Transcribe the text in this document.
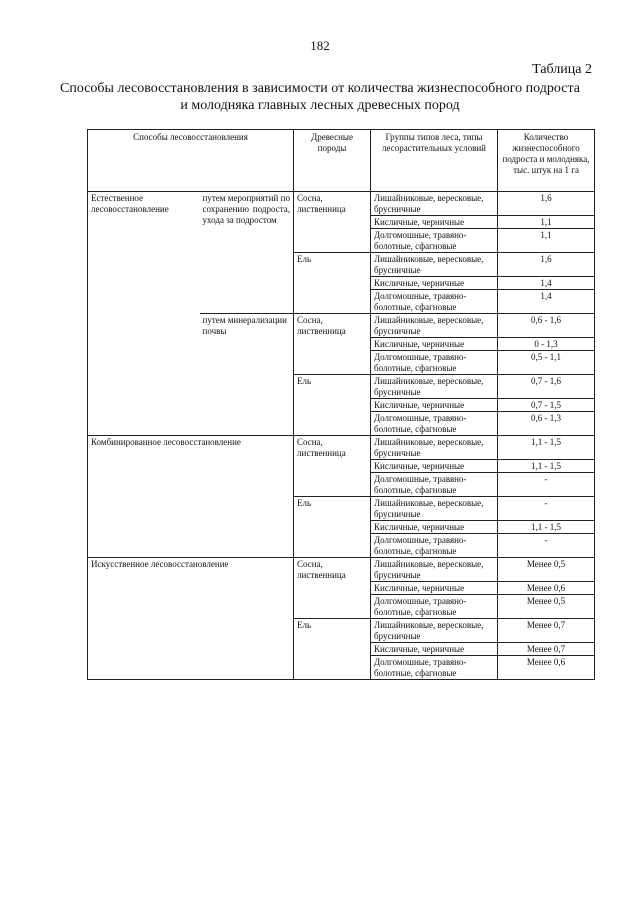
182
Таблица 2
Способы лесовосстановления в зависимости от количества жизнеспособного подроста и молодняка главных лесных древесных пород
Способы лесовосстановления		Древесные породы	Группы типов леса, типы лесорастительных условий	Количество жизнеспособного подроста и молодняка, тыс. штук на 1 га
Естественное лесовосстановление	путем мероприятий по сохранению подроста, ухода за подростом	Сосна, лиственница	Лишайниковые, вересковые, брусничные	1,6
			Кисличные, черничные	1,1
			Долгомошные, травяно-болотные, сфагновые	1,1
		Ель	Лишайниковые, вересковые, брусничные	1,6
			Кисличные, черничные	1,4
			Долгомошные, травяно-болотные, сфагновые	1,4
	путем минерализации почвы	Сосна, лиственница	Лишайниковые, вересковые, брусничные	0,6 - 1,6
			Кисличные, черничные	0 - 1,3
			Долгомошные, травяно-болотные, сфагновые	0,5 - 1,1
		Ель	Лишайниковые, вересковые, брусничные	0,7 - 1,6
			Кисличные, черничные	0,7 - 1,5
			Долгомошные, травяно-болотные, сфагновые	0,6 - 1,3
Комбинированное лесовосстановление		Сосна, лиственница	Лишайниковые, вересковые, брусничные	1,1 - 1,5
			Кисличные, черничные	1,1 - 1,5
			Долгомошные, травяно-болотные, сфагновые	-
		Ель	Лишайниковые, вересковые, брусничные	-
			Кисличные, черничные	1,1 - 1,5
			Долгомошные, травяно-болотные, сфагновые	-
Искусственное лесовосстановление		Сосна, лиственница	Лишайниковые, вересковые, брусничные	Менее 0,5
			Кисличные, черничные	Менее 0,6
			Долгомошные, травяно-болотные, сфагновые	Менее 0,5
		Ель	Лишайниковые, вересковые, брусничные	Менее 0,7
			Кисличные, черничные	Менее 0,7
			Долгомошные, травяно-болотные, сфагновые	Менее 0,6
